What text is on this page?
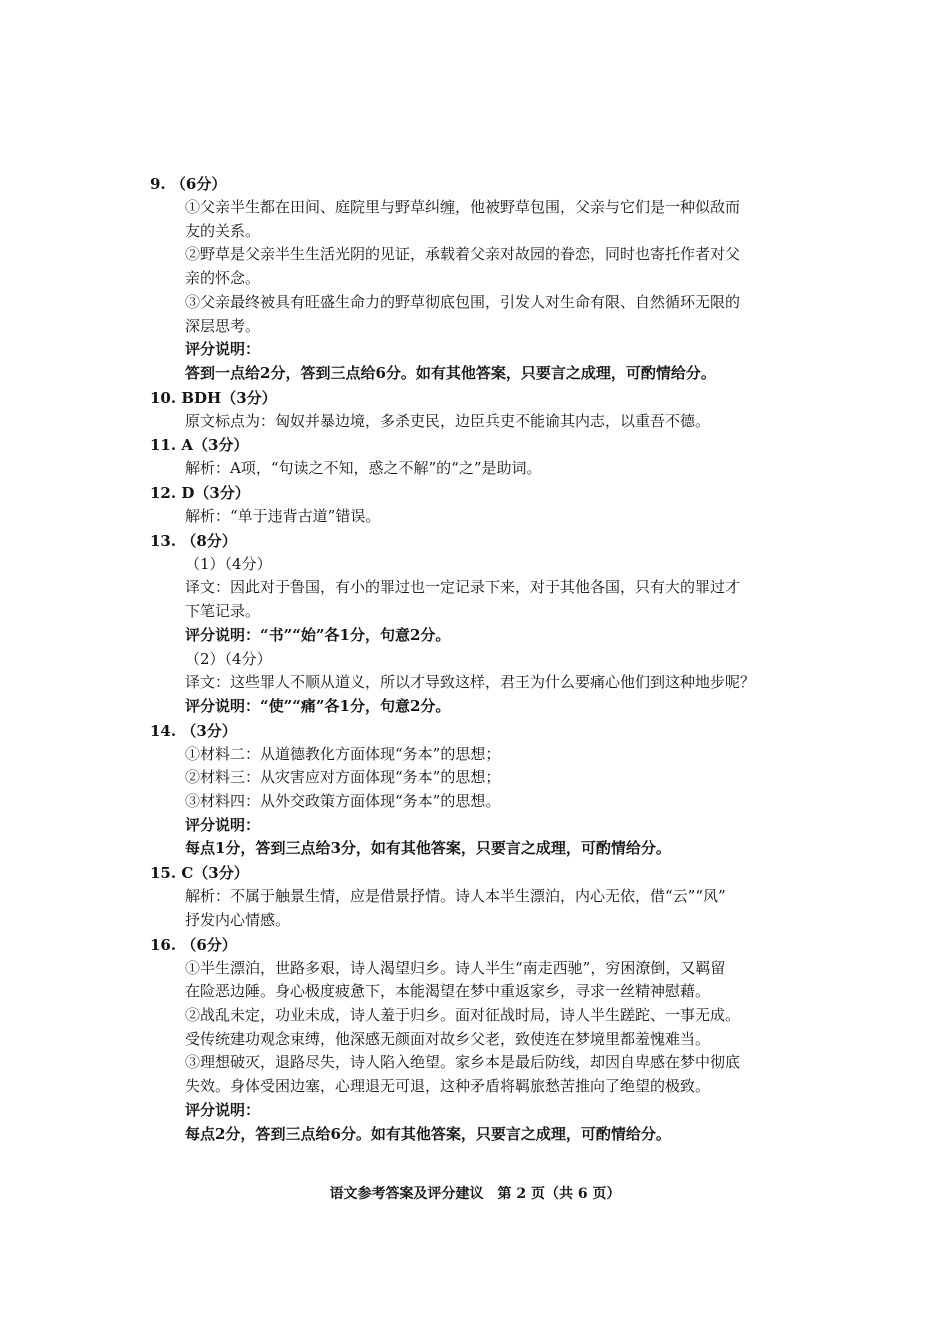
9. （6分）
①父亲半生都在田间、庭院里与野草纠缠，他被野草包围，父亲与它们是一种似敌而
友的关系。
②野草是父亲半生生活光阴的见证，承载着父亲对故园的眷恋，同时也寄托作者对父
亲的怀念。
③父亲最终被具有旺盛生命力的野草彻底包围，引发人对生命有限、自然循环无限的
深层思考。
评分说明：
答到一点给2分，答到三点给6分。如有其他答案，只要言之成理，可酌情给分。
10. BDH（3分）
原文标点为：匈奴并暴边境，多杀吏民，边臣兵吏不能谕其内志，以重吾不德。
11. A（3分）
解析：A项，“句读之不知，惑之不解”的“之”是助词。
12. D（3分）
解析：“单于违背古道”错误。
13. （8分）
（1）（4分）
译文：因此对于鲁国，有小的罪过也一定记录下来，对于其他各国，只有大的罪过才
下笔记录。
评分说明：“书”“始”各1分，句意2分。
（2）（4分）
译文：这些罪人不顺从道义，所以才导致这样，君王为什么要痛心他们到这种地步呢？
评分说明：“使”“痛”各1分，句意2分。
14. （3分）
①材料二：从道德教化方面体现“务本”的思想；
②材料三：从灾害应对方面体现“务本”的思想；
③材料四：从外交政策方面体现“务本”的思想。
评分说明：
每点1分，答到三点给3分，如有其他答案，只要言之成理，可酌情给分。
15. C（3分）
解析：不属于触景生情，应是借景抒情。诗人本半生漂泊，内心无依，借“云”“风”
抒发内心情感。
16. （6分）
①半生漂泊，世路多艰，诗人渴望归乡。诗人半生“南走西驰”，穷困潦倒，又羁留
在险恶边陲。身心极度疲惫下，本能渴望在梦中重返家乡，寻求一丝精神慰藉。
②战乱未定，功业未成，诗人羞于归乡。面对征战时局，诗人半生蹉跎、一事无成。
受传统建功观念束缚，他深感无颜面对故乡父老，致使连在梦境里都羞愧难当。
③理想破灭，退路尽失，诗人陷入绝望。家乡本是最后防线，却因自卑感在梦中彻底
失效。身体受困边塞，心理退无可退，这种矛盾将羁旅愁苦推向了绝望的极致。
评分说明：
每点2分，答到三点给6分。如有其他答案，只要言之成理，可酌情给分。
语文参考答案及评分建议　第 2 页（共 6 页）
